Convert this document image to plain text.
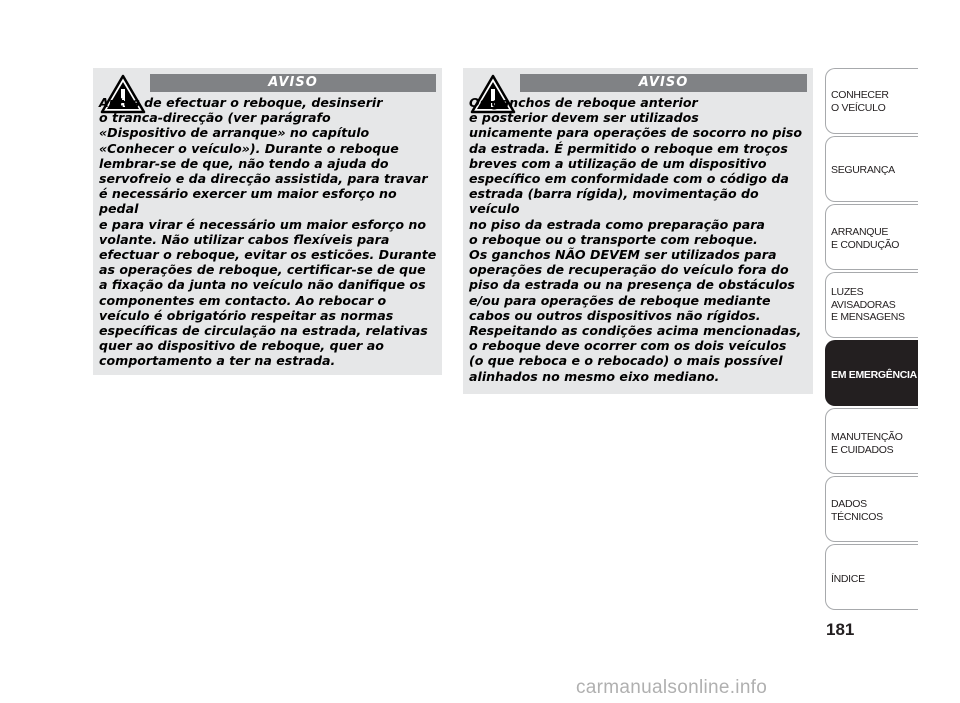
AVISO

Antes de efectuar o reboque, desinserir
o tranca-direcção (ver parágrafo
«Dispositivo de arranque» no capítulo
«Conhecer o veículo»). Durante o reboque
lembrar-se de que, não tendo a ajuda do
servofreio e da direcção assistida, para travar
é necessário exercer um maior esforço no pedal
e para virar é necessário um maior esforço no
volante. Não utilizar cabos flexíveis para
efectuar o reboque, evitar os esticões. Durante
as operações de reboque, certificar-se de que
a fixação da junta no veículo não danifique os
componentes em contacto. Ao rebocar o
veículo é obrigatório respeitar as normas
específicas de circulação na estrada, relativas
quer ao dispositivo de reboque, quer ao
comportamento a ter na estrada.

AVISO

Os ganchos de reboque anterior
e posterior devem ser utilizados
unicamente para operações de socorro no piso
da estrada. É permitido o reboque em troços
breves com a utilização de um dispositivo
específico em conformidade com o código da
estrada (barra rígida), movimentação do veículo
no piso da estrada como preparação para
o reboque ou o transporte com reboque.
Os ganchos NÃO DEVEM ser utilizados para
operações de recuperação do veículo fora do
piso da estrada ou na presença de obstáculos
e/ou para operações de reboque mediante
cabos ou outros dispositivos não rígidos.
Respeitando as condições acima mencionadas,
o reboque deve ocorrer com os dois veículos
(o que reboca e o rebocado) o mais possível
alinhados no mesmo eixo mediano.

CONHECER
O VEÍCULO
SEGURANÇA
ARRANQUE
E CONDUÇÃO
LUZES
AVISADORAS
E MENSAGENS
EM EMERGÊNCIA
MANUTENÇÃO
E CUIDADOS
DADOS
TÉCNICOS
ÍNDICE
181
carmanualsonline.info
